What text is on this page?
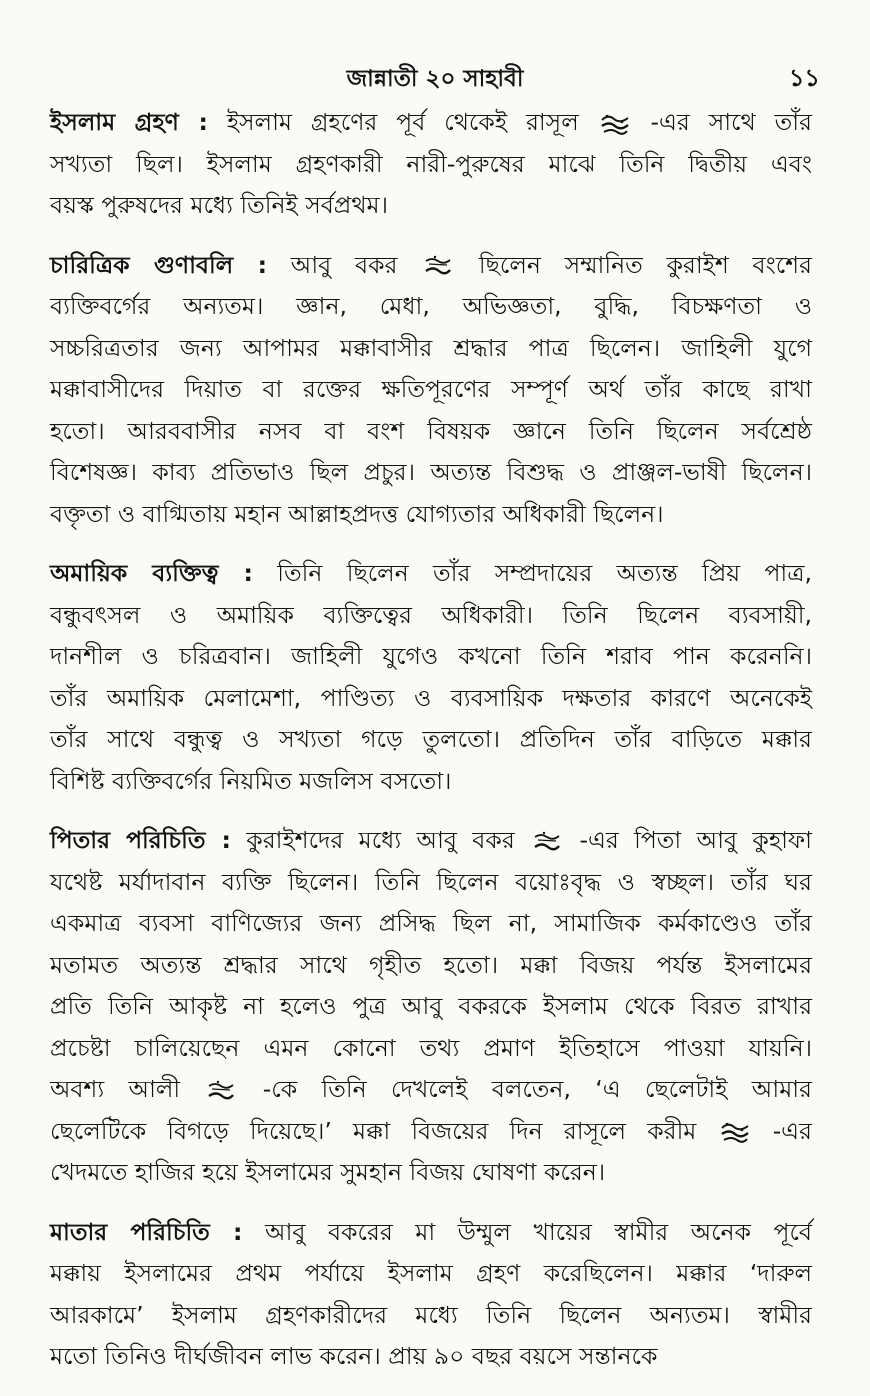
জান্নাতী ২০ সাহাবী	১১
ইসলাম গ্রহণ : ইসলাম গ্রহণের পূর্ব থেকেই রাসূল
-এর সাথে তাঁর
সখ্যতা ছিল। ইসলাম গ্রহণকারী নারী-পুরুষের মাঝে তিনি দ্বিতীয় এবং
বয়স্ক পুরুষদের মধ্যে তিনিই সর্বপ্রথম।
চারিত্রিক গুণাবলি : আবু বকর
ছিলেন সম্মানিত কুরাইশ বংশের
ব্যক্তিবর্গের অন্যতম। জ্ঞান, মেধা, অভিজ্ঞতা, বুদ্ধি, বিচক্ষণতা ও
সচ্চরিত্রতার জন্য আপামর মক্কাবাসীর শ্রদ্ধার পাত্র ছিলেন। জাহিলী যুগে
মক্কাবাসীদের দিয়াত বা রক্তের ক্ষতিপূরণের সম্পূর্ণ অর্থ তাঁর কাছে রাখা
হতো। আরববাসীর নসব বা বংশ বিষয়ক জ্ঞানে তিনি ছিলেন সর্বশ্রেষ্ঠ
বিশেষজ্ঞ। কাব্য প্রতিভাও ছিল প্রচুর। অত্যন্ত বিশুদ্ধ ও প্রাঞ্জল-ভাষী ছিলেন।
বক্তৃতা ও বাগ্মিতায় মহান আল্লাহপ্রদত্ত যোগ্যতার অধিকারী ছিলেন।
অমায়িক ব্যক্তিত্ব : তিনি ছিলেন তাঁর সম্প্রদায়ের অত্যন্ত প্রিয় পাত্র,
বন্ধুবৎসল ও অমায়িক ব্যক্তিত্বের অধিকারী। তিনি ছিলেন ব্যবসায়ী,
দানশীল ও চরিত্রবান। জাহিলী যুগেও কখনো তিনি শরাব পান করেননি।
তাঁর অমায়িক মেলামেশা, পাণ্ডিত্য ও ব্যবসায়িক দক্ষতার কারণে অনেকেই
তাঁর সাথে বন্ধুত্ব ও সখ্যতা গড়ে তুলতো। প্রতিদিন তাঁর বাড়িতে মক্কার
বিশিষ্ট ব্যক্তিবর্গের নিয়মিত মজলিস বসতো।
পিতার পরিচিতি : কুরাইশদের মধ্যে আবু বকর
-এর পিতা আবু কুহাফা
যথেষ্ট মর্যাদাবান ব্যক্তি ছিলেন। তিনি ছিলেন বয়োঃবৃদ্ধ ও স্বচ্ছল। তাঁর ঘর
একমাত্র ব্যবসা বাণিজ্যের জন্য প্রসিদ্ধ ছিল না, সামাজিক কর্মকাণ্ডেও তাঁর
মতামত অত্যন্ত শ্রদ্ধার সাথে গৃহীত হতো। মক্কা বিজয় পর্যন্ত ইসলামের
প্রতি তিনি আকৃষ্ট না হলেও পুত্র আবু বকরকে ইসলাম থেকে বিরত রাখার
প্রচেষ্টা চালিয়েছেন এমন কোনো তথ্য প্রমাণ ইতিহাসে পাওয়া যায়নি।
অবশ্য আলী
-কে তিনি দেখলেই বলতেন, ‘এ ছেলেটাই আমার
ছেলেটিকে বিগড়ে দিয়েছে।’ মক্কা বিজয়ের দিন রাসূলে করীম
-এর
খেদমতে হাজির হয়ে ইসলামের সুমহান বিজয় ঘোষণা করেন।
মাতার পরিচিতি : আবু বকরের মা উম্মুল খায়ের স্বামীর অনেক পূর্বে
মক্কায় ইসলামের প্রথম পর্যায়ে ইসলাম গ্রহণ করেছিলেন। মক্কার ‘দারুল
আরকামে’ ইসলাম গ্রহণকারীদের মধ্যে তিনি ছিলেন অন্যতম। স্বামীর
মতো তিনিও দীর্ঘজীবন লাভ করেন। প্রায় ৯০ বছর বয়সে সন্তানকে
